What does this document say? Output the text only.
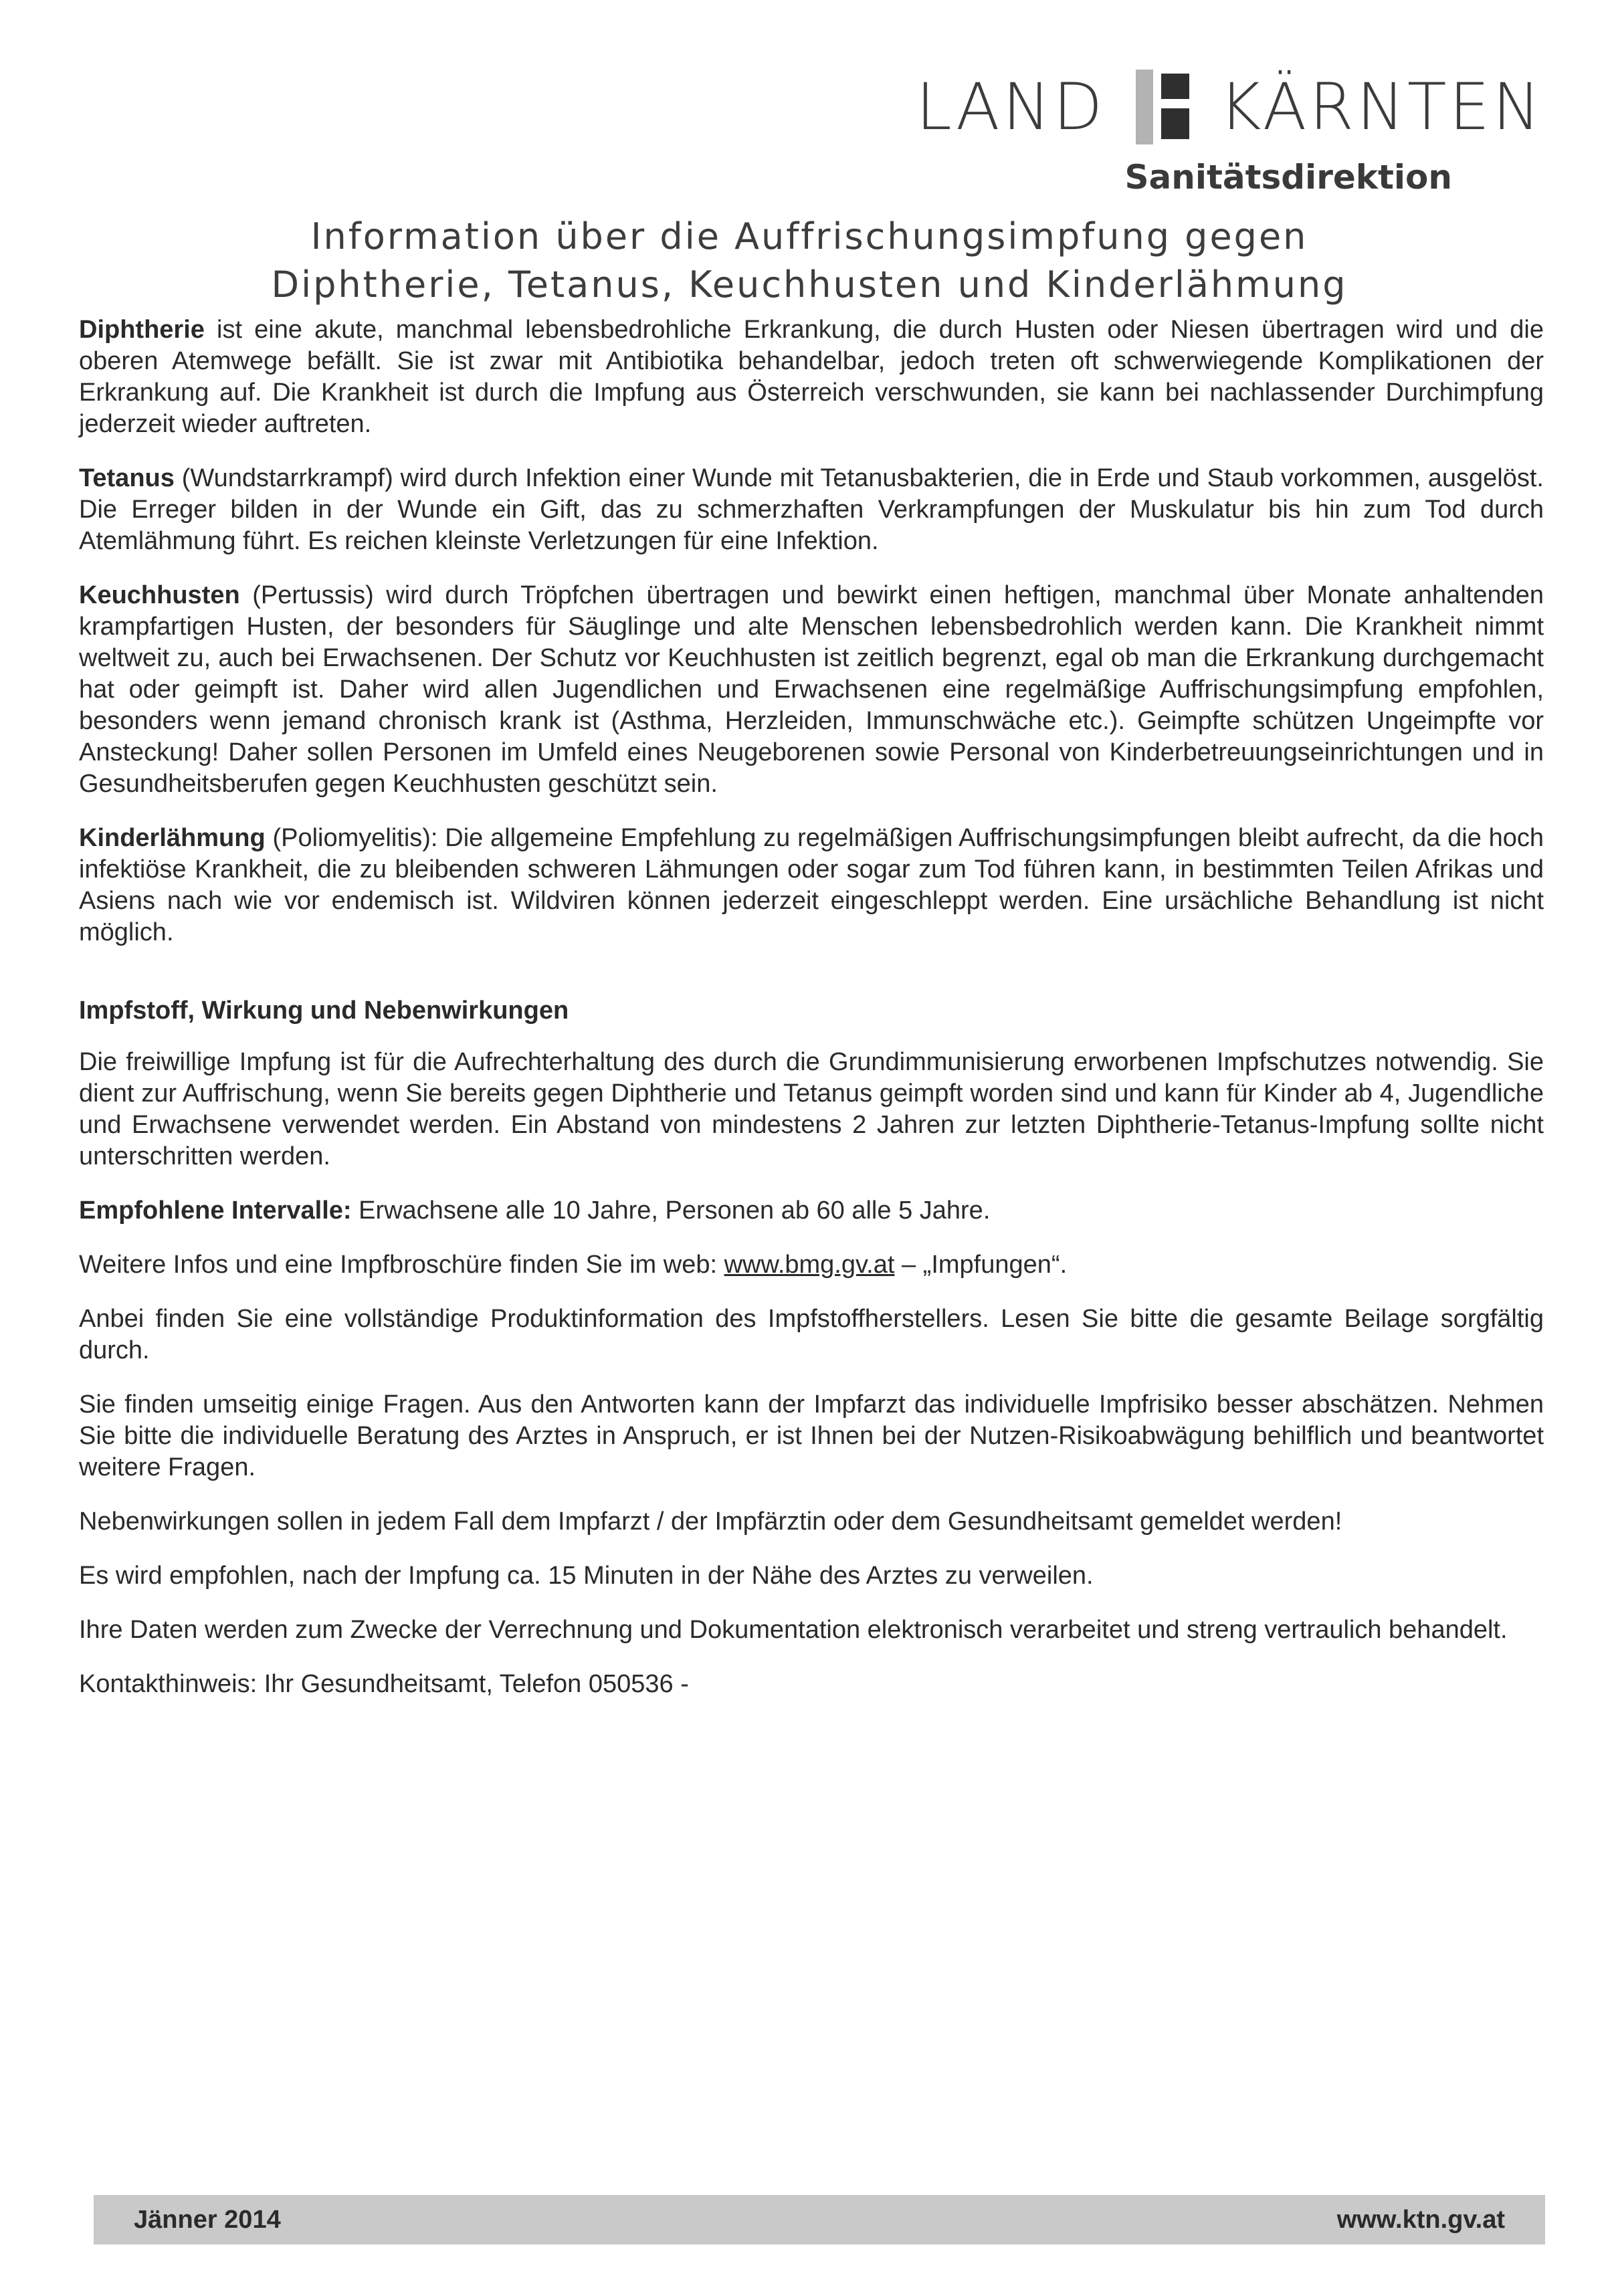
LAND KÄRNTEN
Sanitätsdirektion
Information über die Auffrischungsimpfung gegen
Diphtherie, Tetanus, Keuchhusten und Kinderlähmung

Diphtherie ist eine akute, manchmal lebensbedrohliche Erkrankung, die durch Husten oder Niesen übertragen wird und die oberen Atemwege befällt. Sie ist zwar mit Antibiotika behandelbar, jedoch treten oft schwerwiegende Komplikationen der Erkrankung auf. Die Krankheit ist durch die Impfung aus Österreich verschwunden, sie kann bei nachlassender Durchimpfung jederzeit wieder auftreten.

Tetanus (Wundstarrkrampf) wird durch Infektion einer Wunde mit Tetanusbakterien, die in Erde und Staub vorkommen, ausgelöst. Die Erreger bilden in der Wunde ein Gift, das zu schmerzhaften Verkrampfungen der Muskulatur bis hin zum Tod durch Atemlähmung führt. Es reichen kleinste Verletzungen für eine Infektion.

Keuchhusten (Pertussis) wird durch Tröpfchen übertragen und bewirkt einen heftigen, manchmal über Monate anhaltenden krampfartigen Husten, der besonders für Säuglinge und alte Menschen lebensbedrohlich werden kann. Die Krankheit nimmt weltweit zu, auch bei Erwachsenen. Der Schutz vor Keuchhusten ist zeitlich begrenzt, egal ob man die Erkrankung durchgemacht hat oder geimpft ist. Daher wird allen Jugendlichen und Erwachsenen eine regelmäßige Auffrischungsimpfung empfohlen, besonders wenn jemand chronisch krank ist (Asthma, Herzleiden, Immunschwäche etc.). Geimpfte schützen Ungeimpfte vor Ansteckung! Daher sollen Personen im Umfeld eines Neugeborenen sowie Personal von Kinderbetreuungseinrichtungen und in Gesundheitsberufen gegen Keuchhusten geschützt sein.

Kinderlähmung (Poliomyelitis): Die allgemeine Empfehlung zu regelmäßigen Auffrischungsimpfungen bleibt aufrecht, da die hoch infektiöse Krankheit, die zu bleibenden schweren Lähmungen oder sogar zum Tod führen kann, in bestimmten Teilen Afrikas und Asiens nach wie vor endemisch ist. Wildviren können jederzeit eingeschleppt werden. Eine ursächliche Behandlung ist nicht möglich.

Impfstoff, Wirkung und Nebenwirkungen

Die freiwillige Impfung ist für die Aufrechterhaltung des durch die Grundimmunisierung erworbenen Impfschutzes notwendig. Sie dient zur Auffrischung, wenn Sie bereits gegen Diphtherie und Tetanus geimpft worden sind und kann für Kinder ab 4, Jugendliche und Erwachsene verwendet werden. Ein Abstand von mindestens 2 Jahren zur letzten Diphtherie-Tetanus-Impfung sollte nicht unterschritten werden.

Empfohlene Intervalle: Erwachsene alle 10 Jahre, Personen ab 60 alle 5 Jahre.

Weitere Infos und eine Impfbroschüre finden Sie im web: www.bmg.gv.at – „Impfungen“.

Anbei finden Sie eine vollständige Produktinformation des Impfstoffherstellers. Lesen Sie bitte die gesamte Beilage sorgfältig durch.

Sie finden umseitig einige Fragen. Aus den Antworten kann der Impfarzt das individuelle Impfrisiko besser abschätzen. Nehmen Sie bitte die individuelle Beratung des Arztes in Anspruch, er ist Ihnen bei der Nutzen-Risikoabwägung behilflich und beantwortet weitere Fragen.

Nebenwirkungen sollen in jedem Fall dem Impfarzt / der Impfärztin oder dem Gesundheitsamt gemeldet werden!

Es wird empfohlen, nach der Impfung ca. 15 Minuten in der Nähe des Arztes zu verweilen.

Ihre Daten werden zum Zwecke der Verrechnung und Dokumentation elektronisch verarbeitet und streng vertraulich behandelt.

Kontakthinweis: Ihr Gesundheitsamt, Telefon 050536 -

Jänner 2014	www.ktn.gv.at
